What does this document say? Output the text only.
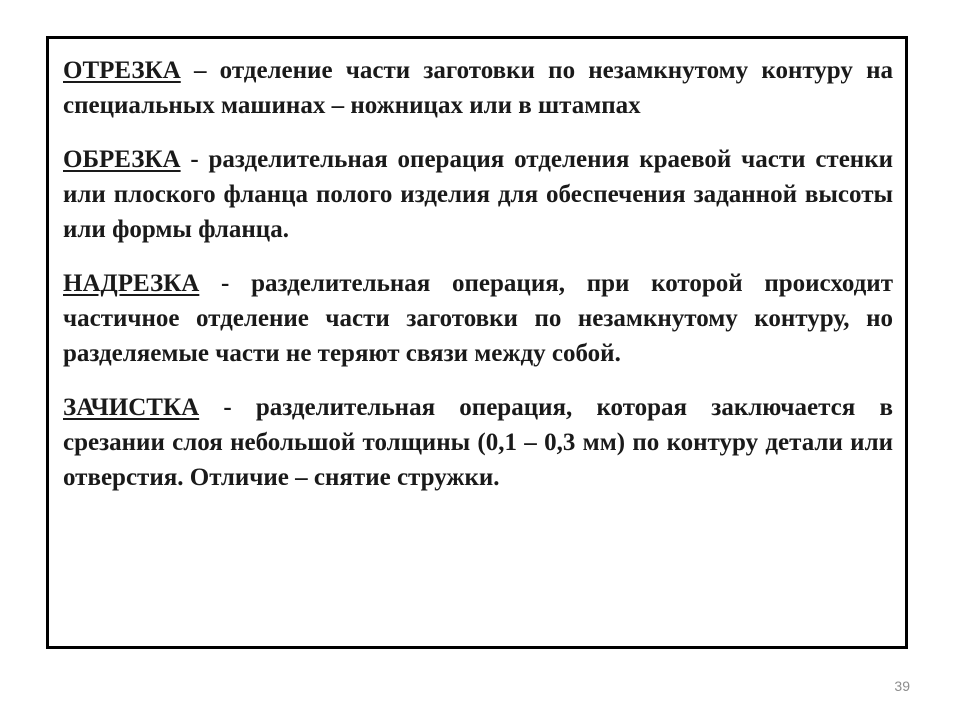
ОТРЕЗКА – отделение части заготовки по незамкнутому контуру на специальных машинах – ножницах или в штампах

ОБРЕЗКА - разделительная операция отделения краевой части стенки или плоского фланца полого изделия для обеспечения заданной высоты или формы фланца.

НАДРЕЗКА - разделительная операция, при которой происходит частичное отделение части заготовки по незамкнутому контуру, но разделяемые части не теряют связи между собой.

ЗАЧИСТКА - разделительная операция, которая заключается в срезании слоя небольшой толщины (0,1 – 0,3 мм) по контуру детали или отверстия. Отличие – снятие стружки.

39
